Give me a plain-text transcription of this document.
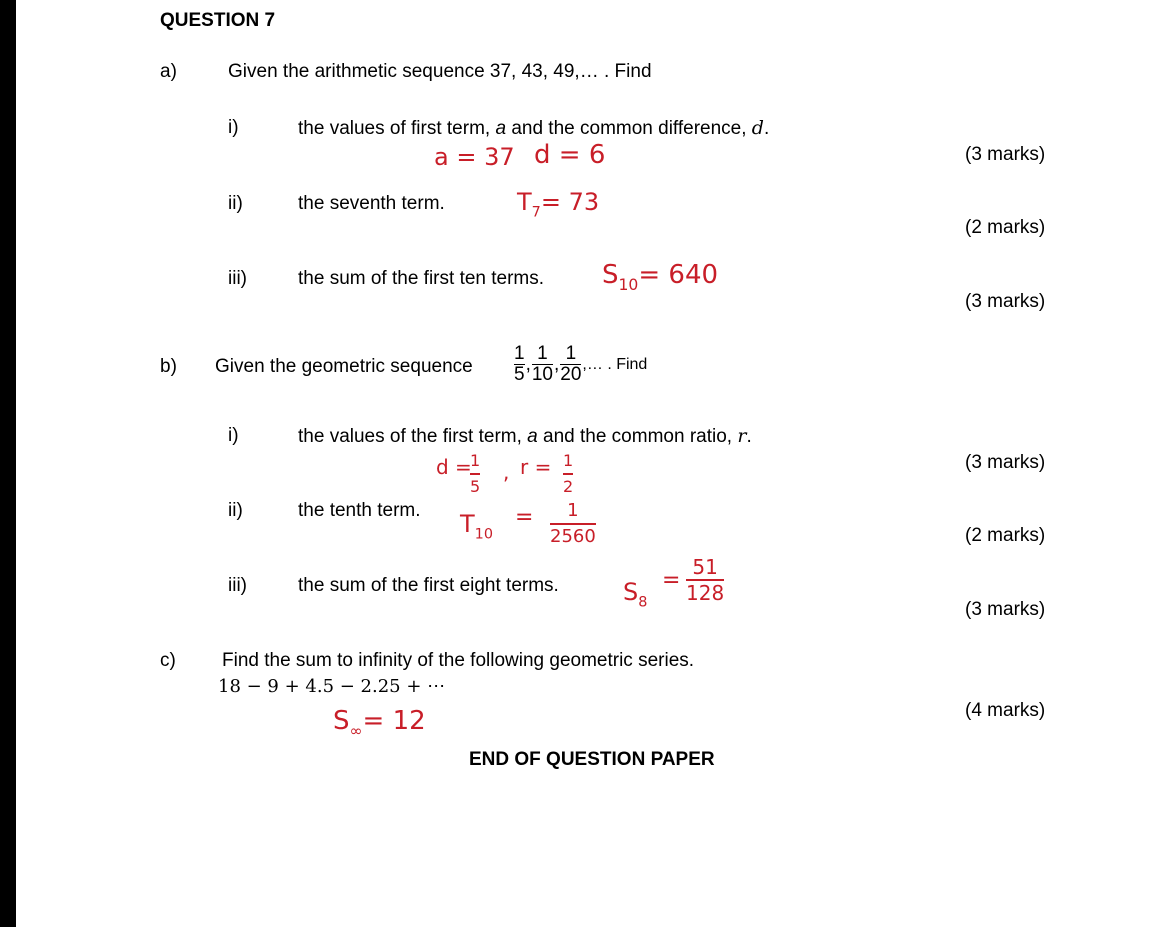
QUESTION 7
a)	Given the arithmetic sequence 37, 43, 49,… . Find
i)	the values of first term, a and the common difference, d.
a = 37 d = 6	(3 marks)
ii)	the seventh term.	$T_7= 73$
(2 marks)
iii)	the sum of the first ten terms. $S_{10}= 640$
(3 marks)
b) Given the geometric sequence $\frac{1}{5}$ , $\frac{1}{10}$ , $\frac{1}{20}$ ,… . Find
i)	the values of the first term, a and the common ratio, r.
d =
1
5
, r = 1
2
(3 marks)
ii)	the tenth term. $T_{10}$
= 1
2560	(2 marks)
iii)	the sum of the first eight terms.	$S_8$
=
51
128
(3 marks)
c) Find the sum to infinity of the following geometric series.
18 − 9 + 4.5 − 2.25 + ⋯
$S_\infty= 12$	(4 marks)
END OF QUESTION PAPER
